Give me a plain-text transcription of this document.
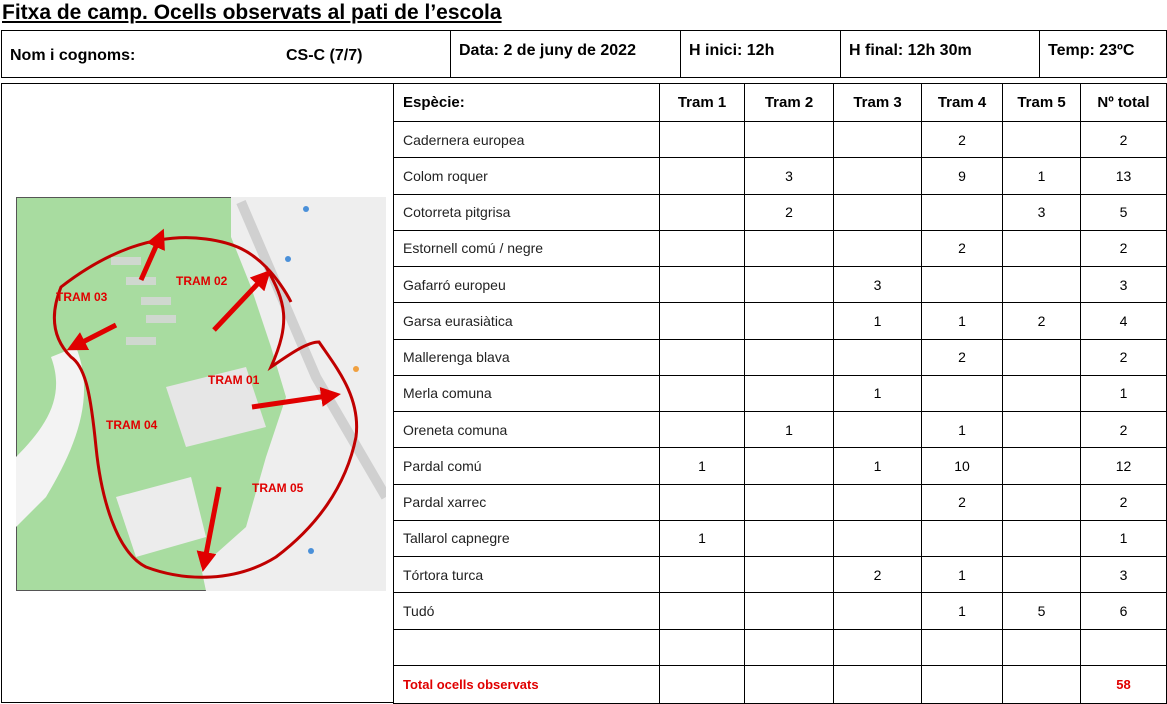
Fitxa de camp. Ocells observats al pati de l’escola
Nom i cognoms:	CS-C (7/7)	Data: 2 de juny de 2022	H inici: 12h	H final: 12h 30m	Temp: 23ºC
TRAM 01
TRAM 02
TRAM 03
TRAM 04
TRAM 05
Espècie:	Tram 1	Tram 2	Tram 3	Tram 4	Tram 5	Nº total
Cadernera europea				2		2
Colom roquer		3		9	1	13
Cotorreta pitgrisa		2			3	5
Estornell comú / negre				2		2
Gafarró europeu			3			3
Garsa eurasiàtica			1	1	2	4
Mallerenga blava				2		2
Merla comuna			1			1
Oreneta comuna		1		1		2
Pardal comú	1		1	10		12
Pardal xarrec				2		2
Tallarol capnegre	1					1
Tórtora turca			2	1		3
Tudó				1	5	6

Total ocells observats						58
